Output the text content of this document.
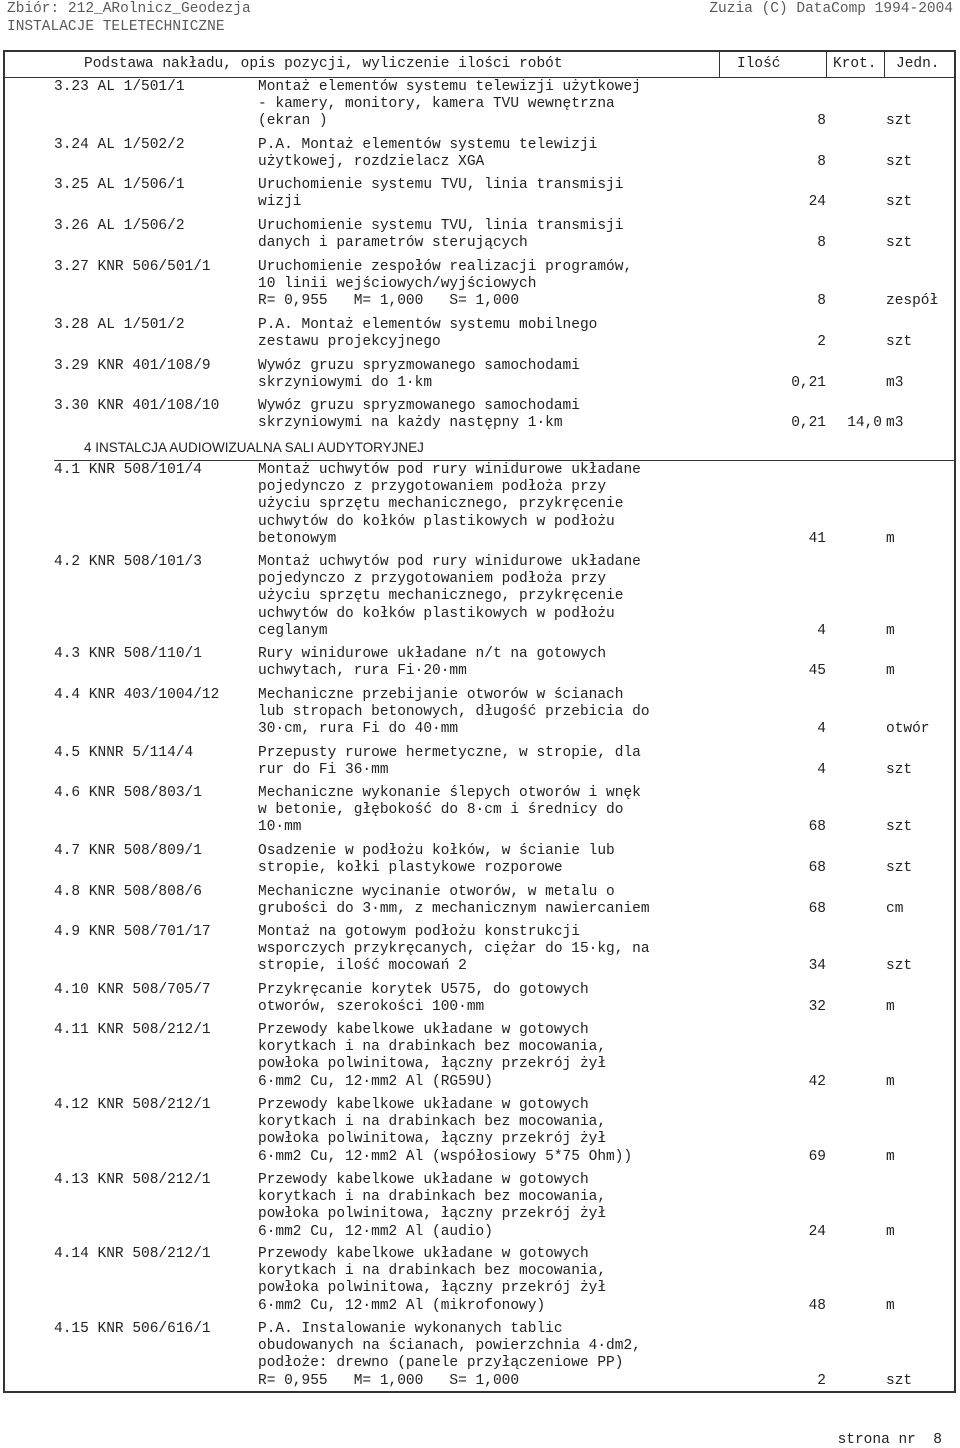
Zbiór: 212_ARolnicz_Geodezja
INSTALACJE TELETECHNICZNE
Zuzia (C) DataComp 1994-2004
Podstawa nakładu, opis pozycji, wyliczenie ilości robót	Ilość	Krot. Jedn.
3.23 AL 1/501/1	Montaż elementów systemu telewizji użytkowej
- kamery, monitory, kamera TVU wewnętrzna
(ekran )	8	szt
3.24 AL 1/502/2	P.A. Montaż elementów systemu telewizji
użytkowej, rozdzielacz XGA	8	szt
3.25 AL 1/506/1	Uruchomienie systemu TVU, linia transmisji
wizji	24	szt
3.26 AL 1/506/2	Uruchomienie systemu TVU, linia transmisji
danych i parametrów sterujących	8	szt
3.27 KNR 506/501/1	Uruchomienie zespołów realizacji programów,
10 linii wejściowych/wyjściowych
R= 0,955   M= 1,000   S= 1,000	8	zespół
3.28 AL 1/501/2	P.A. Montaż elementów systemu mobilnego
zestawu projekcyjnego	2	szt
3.29 KNR 401/108/9	Wywóz gruzu spryzmowanego samochodami
skrzyniowymi do 1·km	0,21	m3
3.30 KNR 401/108/10	Wywóz gruzu spryzmowanego samochodami
skrzyniowymi na każdy następny 1·km	0,21 14,0 m3
4.1 KNR 508/101/4	Montaż uchwytów pod rury winidurowe układane
pojedynczo z przygotowaniem podłoża przy
użyciu sprzętu mechanicznego, przykręcenie
uchwytów do kołków plastikowych w podłożu
betonowym	41	m
4.2 KNR 508/101/3	Montaż uchwytów pod rury winidurowe układane
pojedynczo z przygotowaniem podłoża przy
użyciu sprzętu mechanicznego, przykręcenie
uchwytów do kołków plastikowych w podłożu
ceglanym	4	m
4.3 KNR 508/110/1	Rury winidurowe układane n/t na gotowych
uchwytach, rura Fi·20·mm	45	m
4.4 KNR 403/1004/12	Mechaniczne przebijanie otworów w ścianach
lub stropach betonowych, długość przebicia do
30·cm, rura Fi do 40·mm	4	otwór
4.5 KNNR 5/114/4	Przepusty rurowe hermetyczne, w stropie, dla
rur do Fi 36·mm	4	szt
4.6 KNR 508/803/1	Mechaniczne wykonanie ślepych otworów i wnęk
w betonie, głębokość do 8·cm i średnicy do
10·mm	68	szt
4.7 KNR 508/809/1	Osadzenie w podłożu kołków, w ścianie lub
stropie, kołki plastykowe rozporowe	68	szt
4.8 KNR 508/808/6	Mechaniczne wycinanie otworów, w metalu o
grubości do 3·mm, z mechanicznym nawiercaniem	68	cm
4.9 KNR 508/701/17	Montaż na gotowym podłożu konstrukcji
wsporczych przykręcanych, ciężar do 15·kg, na
stropie, ilość mocowań 2	34	szt
4.10 KNR 508/705/7	Przykręcanie korytek U575, do gotowych
otworów, szerokości 100·mm	32	m
4.11 KNR 508/212/1	Przewody kabelkowe układane w gotowych
korytkach i na drabinkach bez mocowania,
powłoka polwinitowa, łączny przekrój żył
6·mm2 Cu, 12·mm2 Al (RG59U)	42	m
4.12 KNR 508/212/1	Przewody kabelkowe układane w gotowych
korytkach i na drabinkach bez mocowania,
powłoka polwinitowa, łączny przekrój żył
6·mm2 Cu, 12·mm2 Al (współosiowy 5*75 Ohm))	69	m
4.13 KNR 508/212/1	Przewody kabelkowe układane w gotowych
korytkach i na drabinkach bez mocowania,
powłoka polwinitowa, łączny przekrój żył
6·mm2 Cu, 12·mm2 Al (audio)	24	m
4.14 KNR 508/212/1	Przewody kabelkowe układane w gotowych
korytkach i na drabinkach bez mocowania,
powłoka polwinitowa, łączny przekrój żył
6·mm2 Cu, 12·mm2 Al (mikrofonowy)	48	m
4.15 KNR 506/616/1	P.A. Instalowanie wykonanych tablic
obudowanych na ścianach, powierzchnia 4·dm2,
podłoże: drewno (panele przyłączeniowe PP)
R= 0,955   M= 1,000   S= 1,000	2	szt
4 INSTALCJA AUDIOWIZUALNA SALI AUDYTORYJNEJ
strona nr 8
